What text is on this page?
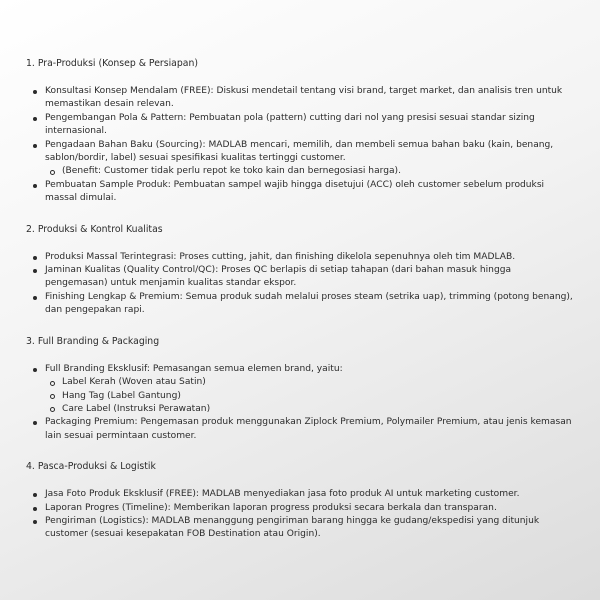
1. Pra-Produksi (Konsep & Persiapan)

Konsultasi Konsep Mendalam (FREE): Diskusi mendetail tentang visi brand, target market, dan analisis tren untuk memastikan desain relevan.
Pengembangan Pola & Pattern: Pembuatan pola (pattern) cutting dari nol yang presisi sesuai standar sizing internasional.
Pengadaan Bahan Baku (Sourcing): MADLAB mencari, memilih, dan membeli semua bahan baku (kain, benang, sablon/bordir, label) sesuai spesifikasi kualitas tertinggi customer.
(Benefit: Customer tidak perlu repot ke toko kain dan bernegosiasi harga).
Pembuatan Sample Produk: Pembuatan sampel wajib hingga disetujui (ACC) oleh customer sebelum produksi massal dimulai.

2. Produksi & Kontrol Kualitas

Produksi Massal Terintegrasi: Proses cutting, jahit, dan finishing dikelola sepenuhnya oleh tim MADLAB.
Jaminan Kualitas (Quality Control/QC): Proses QC berlapis di setiap tahapan (dari bahan masuk hingga pengemasan) untuk menjamin kualitas standar ekspor.
Finishing Lengkap & Premium: Semua produk sudah melalui proses steam (setrika uap), trimming (potong benang), dan pengepakan rapi.

3. Full Branding & Packaging

Full Branding Eksklusif: Pemasangan semua elemen brand, yaitu:
Label Kerah (Woven atau Satin)
Hang Tag (Label Gantung)
Care Label (Instruksi Perawatan)
Packaging Premium: Pengemasan produk menggunakan Ziplock Premium, Polymailer Premium, atau jenis kemasan lain sesuai permintaan customer.

4. Pasca-Produksi & Logistik

Jasa Foto Produk Eksklusif (FREE): MADLAB menyediakan jasa foto produk AI untuk marketing customer.
Laporan Progres (Timeline): Memberikan laporan progress produksi secara berkala dan transparan.
Pengiriman (Logistics): MADLAB menanggung pengiriman barang hingga ke gudang/ekspedisi yang ditunjuk customer (sesuai kesepakatan FOB Destination atau Origin).
